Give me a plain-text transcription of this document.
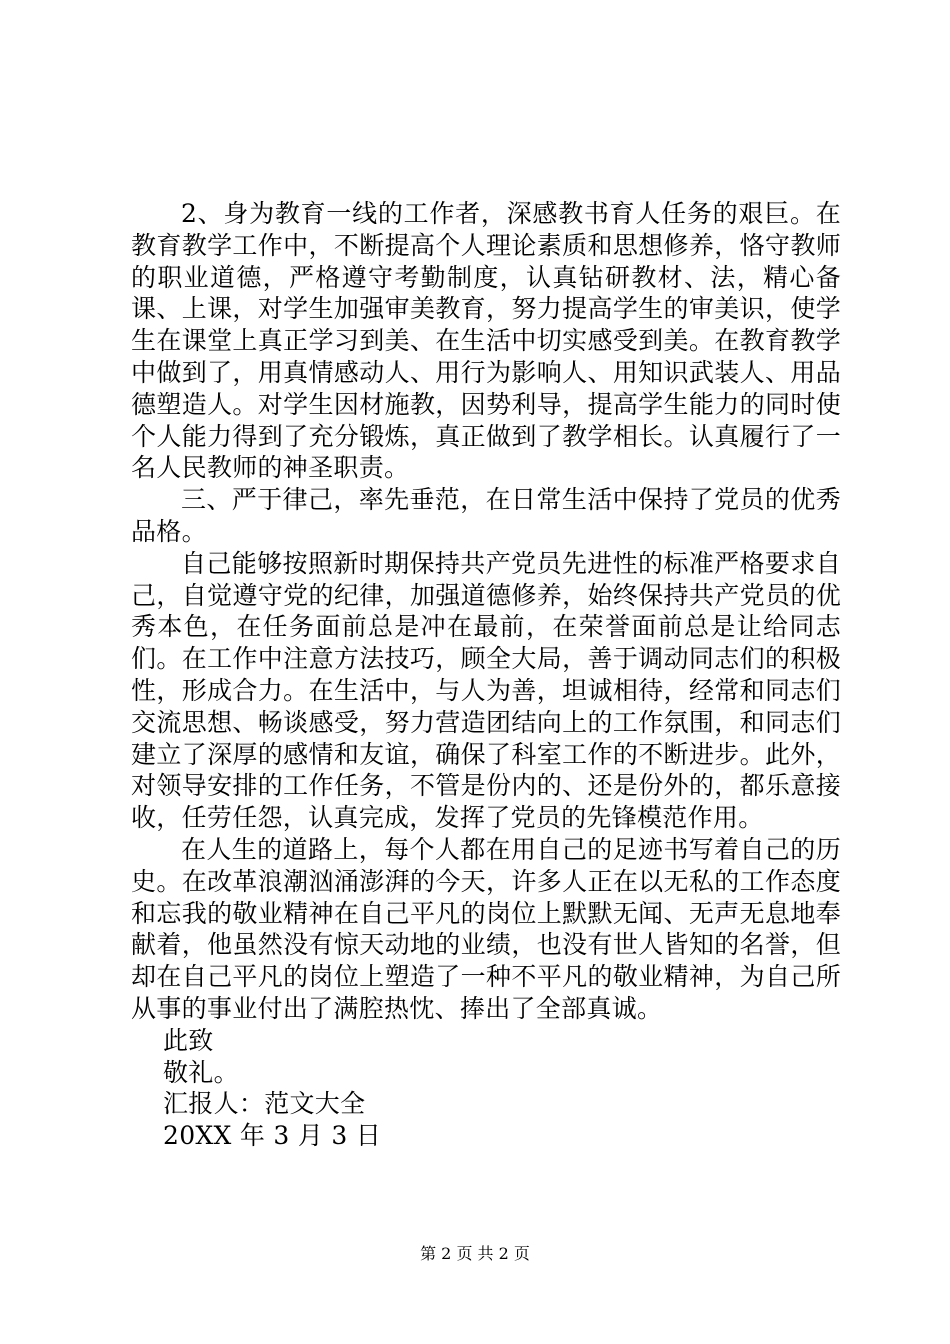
2、身为教育一线的工作者，深感教书育人任务的艰巨。在教育教学工作中，不断提高个人理论素质和思想修养，恪守教师的职业道德，严格遵守考勤制度，认真钻研教材、法，精心备课、上课，对学生加强审美教育，努力提高学生的审美识，使学生在课堂上真正学习到美、在生活中切实感受到美。在教育教学中做到了，用真情感动人、用行为影响人、用知识武装人、用品德塑造人。对学生因材施教，因势利导，提高学生能力的同时使个人能力得到了充分锻炼，真正做到了教学相长。认真履行了一名人民教师的神圣职责。

三、严于律己，率先垂范，在日常生活中保持了党员的优秀品格。

自己能够按照新时期保持共产党员先进性的标准严格要求自己，自觉遵守党的纪律，加强道德修养，始终保持共产党员的优秀本色，在任务面前总是冲在最前，在荣誉面前总是让给同志们。在工作中注意方法技巧，顾全大局，善于调动同志们的积极性，形成合力。在生活中，与人为善，坦诚相待，经常和同志们交流思想、畅谈感受，努力营造团结向上的工作氛围，和同志们建立了深厚的感情和友谊，确保了科室工作的不断进步。此外，对领导安排的工作任务，不管是份内的、还是份外的，都乐意接收，任劳任怨，认真完成，发挥了党员的先锋模范作用。

在人生的道路上，每个人都在用自己的足迹书写着自己的历史。在改革浪潮汹涌澎湃的今天，许多人正在以无私的工作态度和忘我的敬业精神在自己平凡的岗位上默默无闻、无声无息地奉献着，他虽然没有惊天动地的业绩，也没有世人皆知的名誉，但却在自己平凡的岗位上塑造了一种不平凡的敬业精神，为自己所从事的事业付出了满腔热忱、捧出了全部真诚。

此致
敬礼。
汇报人：范文大全
20XX 年 3 月 3 日
第 2 页 共 2 页
